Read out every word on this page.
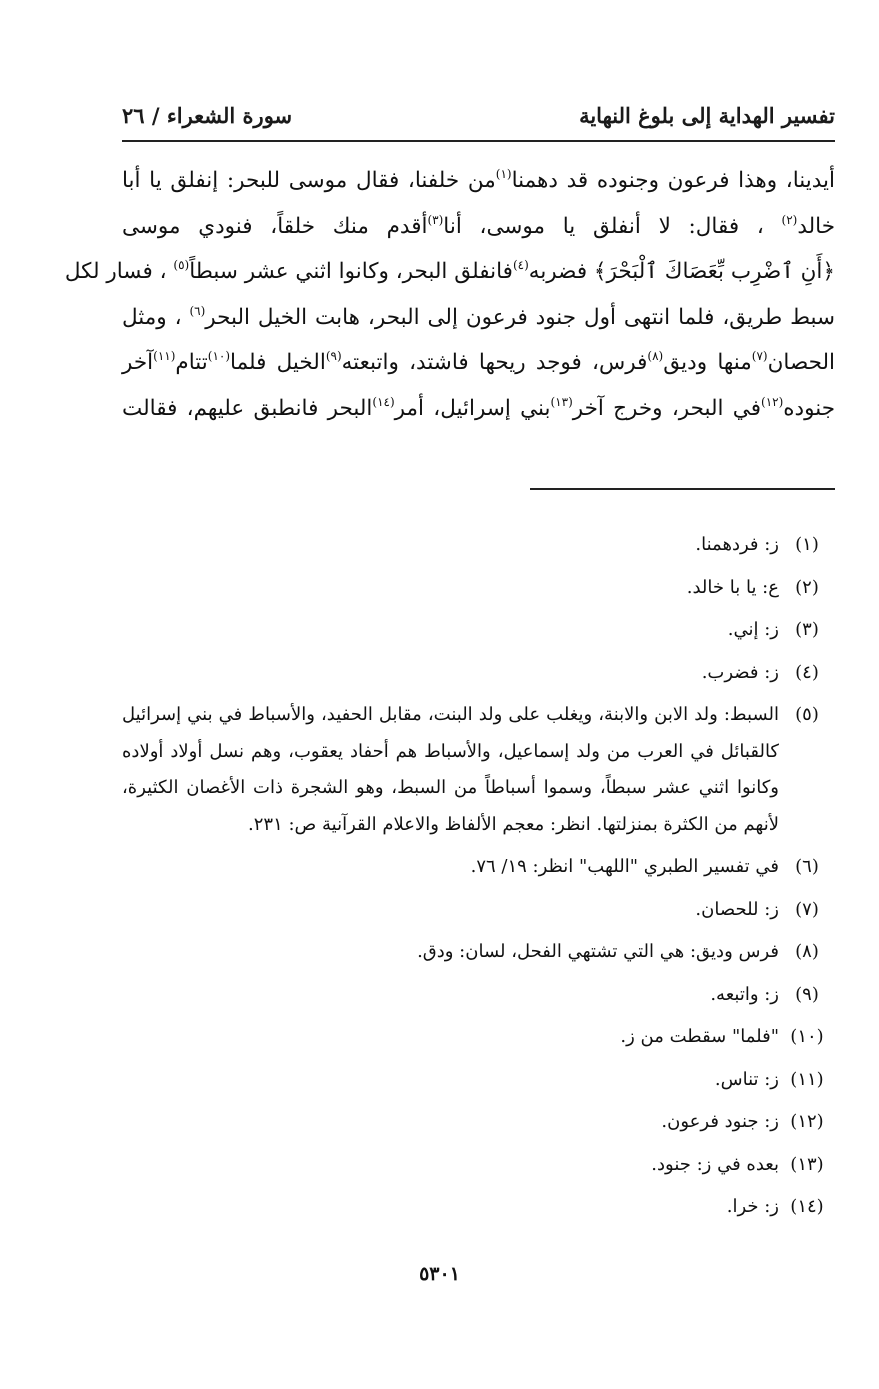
تفسير الهداية إلى بلوغ النهاية
سورة الشعراء / ٢٦
أيدينا، وهذا فرعون وجنوده قد دهمنا$^{(١)}$من خلفنا، فقال موسى للبحر: إنفلق يا أبا
خالد$^{(٢)}$ ، فقال: لا أنفلق يا موسى، أنا$^{(٣)}$أقدم منك خلقاً، فنودي موسى
﴿أَنِ ٱضْرِب بِّعَصَاكَ ٱلْبَحْرَ﴾ فضربه$^{(٤)}$فانفلق البحر، وكانوا اثني عشر سبطاً$^{(٥)}$ ، فسار لكل
سبط طريق، فلما انتهى أول جنود فرعون إلى البحر، هابت الخيل البحر$^{(٦)}$ ، ومثل
الحصان$^{(٧)}$منها وديق$^{(٨)}$فرس، فوجد ريحها فاشتد، واتبعته$^{(٩)}$الخيل فلما$^{(١٠)}$تتام$^{(١١)}$آخر
جنوده$^{(١٢)}$في البحر، وخرج آخر$^{(١٣)}$بني إسرائيل، أمر$^{(١٤)}$البحر فانطبق عليهم، فقالت
(١)
ز: فردهمنا.
(٢)
ع: يا با خالد.
(٣)
ز: إني.
(٤)
ز: فضرب.
(٥)
السبط: ولد الابن والابنة، ويغلب على ولد البنت، مقابل الحفيد، والأسباط في بني إسرائيل كالقبائل في العرب من ولد إسماعيل، والأسباط هم أحفاد يعقوب، وهم نسل أولاد أولاده وكانوا اثني عشر سبطاً، وسموا أسباطاً من السبط، وهو الشجرة ذات الأغصان الكثيرة، لأنهم من الكثرة بمنزلتها. انظر: معجم الألفاظ والاعلام القرآنية ص: ٢٣١.
(٦)
في تفسير الطبري "اللهب" انظر: ١٩/ ٧٦.
(٧)
ز: للحصان.
(٨)
فرس وديق: هي التي تشتهي الفحل، لسان: ودق.
(٩)
ز: واتبعه.
(١٠)
"فلما" سقطت من ز.
(١١)
ز: تناس.
(١٢)
ز: جنود فرعون.
(١٣)
بعده في ز: جنود.
(١٤)
ز: خرا.
٥٣٠١
